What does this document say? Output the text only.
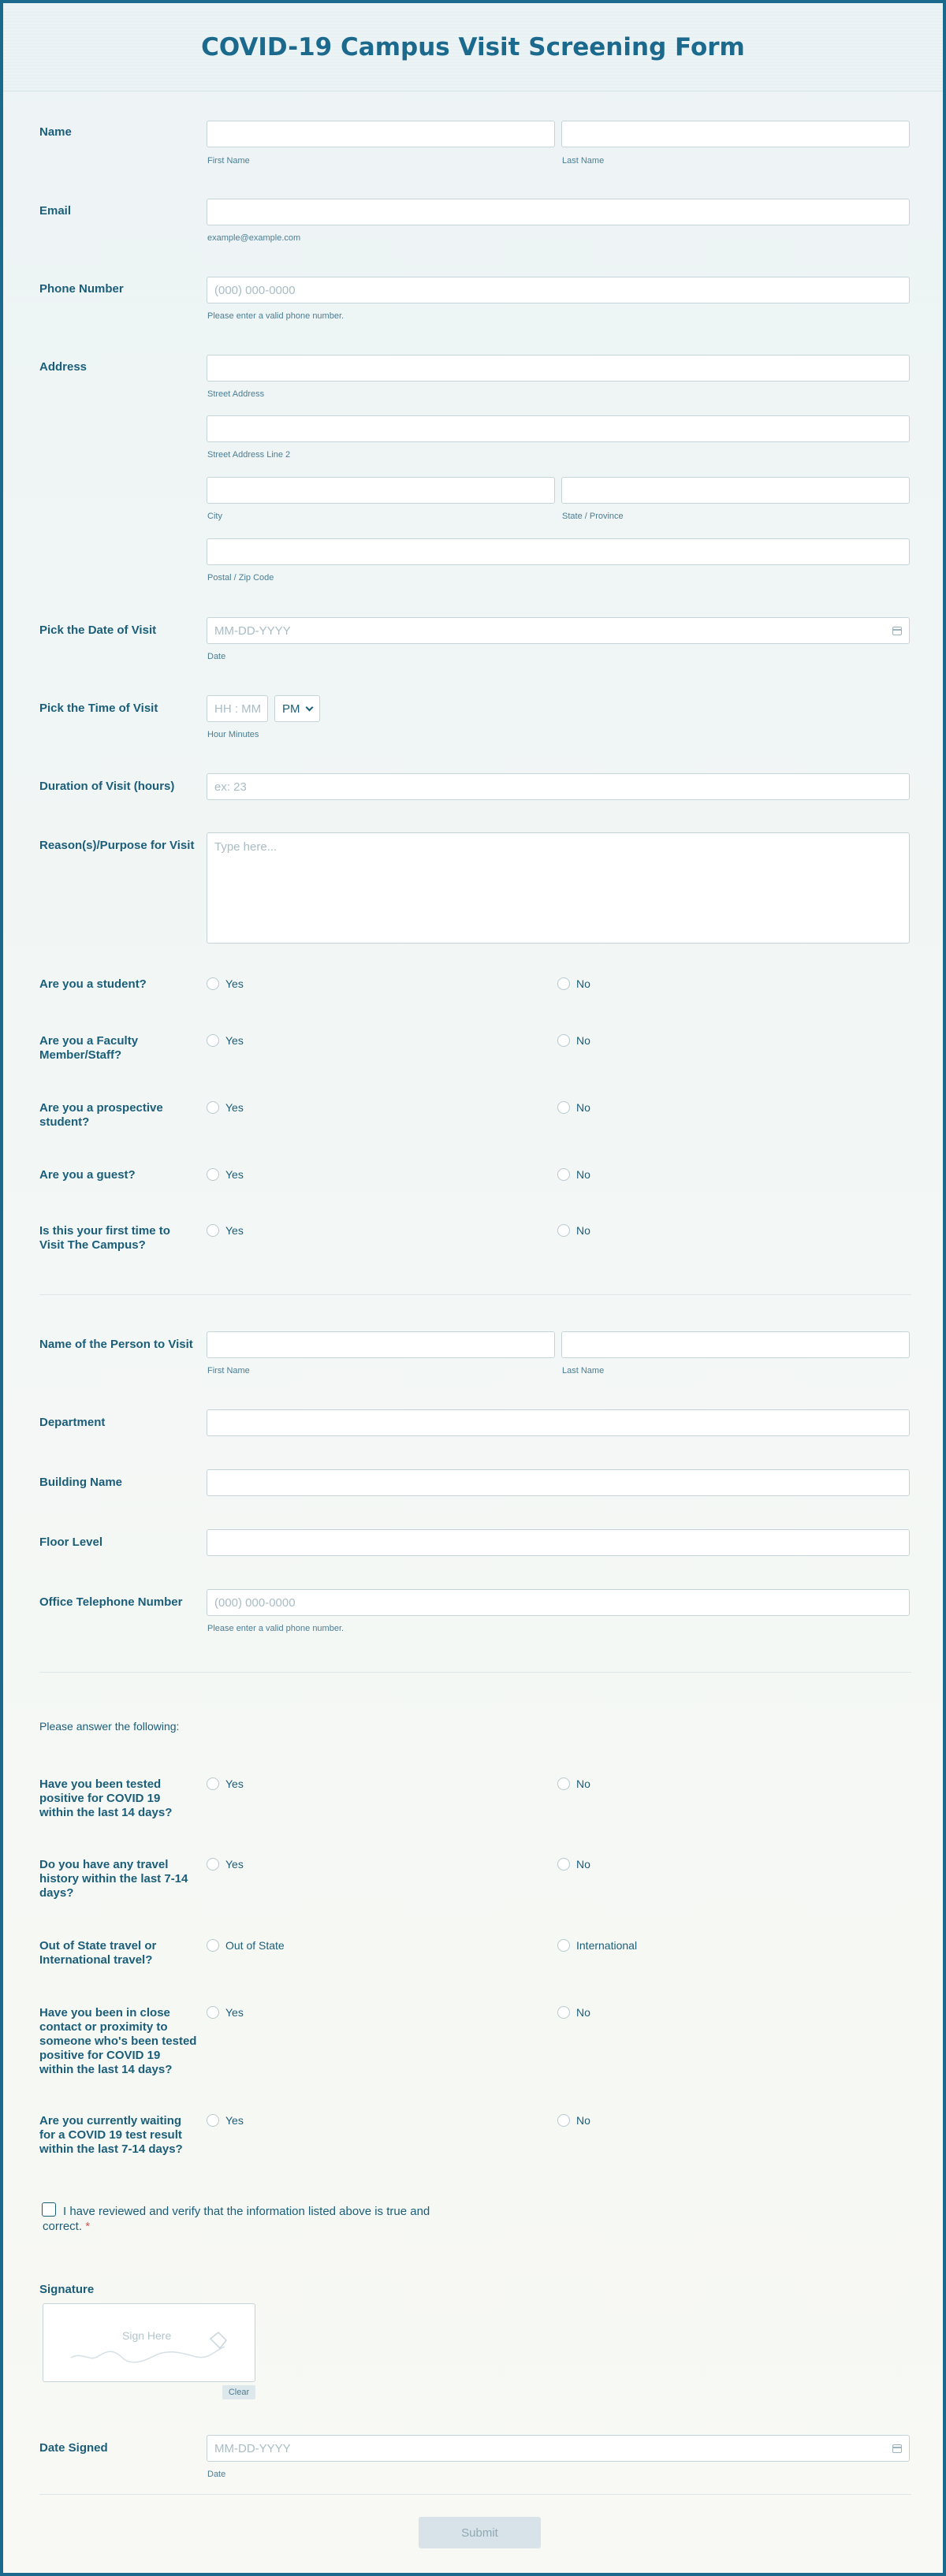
COVID-19 Campus Visit Screening Form
Name
First Name	Last Name
Email
example@example.com
Phone Number
(000) 000-0000
Please enter a valid phone number.
Address
Street Address
Street Address Line 2
City	State / Province
Postal / Zip Code
Pick the Date of Visit
MM-DD-YYYY
Date
Pick the Time of Visit
HH : MM	PM
Hour Minutes
Duration of Visit (hours)
ex: 23
Reason(s)/Purpose for Visit
Type here...
Are you a student?	Yes	No
Are you a Faculty Member/Staff?
Yes	No
Are you a prospective student?
Yes	No
Are you a guest?	Yes	No
Is this your first time to Visit The Campus?
Yes	No
Name of the Person to Visit
First Name	Last Name
Department
Building Name
Floor Level
Office Telephone Number
(000) 000-0000
Please enter a valid phone number.
Please answer the following:
Have you been tested positive for COVID 19 within the last 14 days?
Yes	No
Do you have any travel history within the last 7-14 days?
Yes	No
Out of State travel or International travel?
Out of State	International
Have you been in close contact or proximity to someone who's been tested positive for COVID 19 within the last 14 days?
Yes	No
Are you currently waiting for a COVID 19 test result within the last 7-14 days?
Yes	No
I have reviewed and verify that the information listed above is true and correct. *
Signature
Sign Here
Clear
Date Signed
MM-DD-YYYY
Date
Submit
